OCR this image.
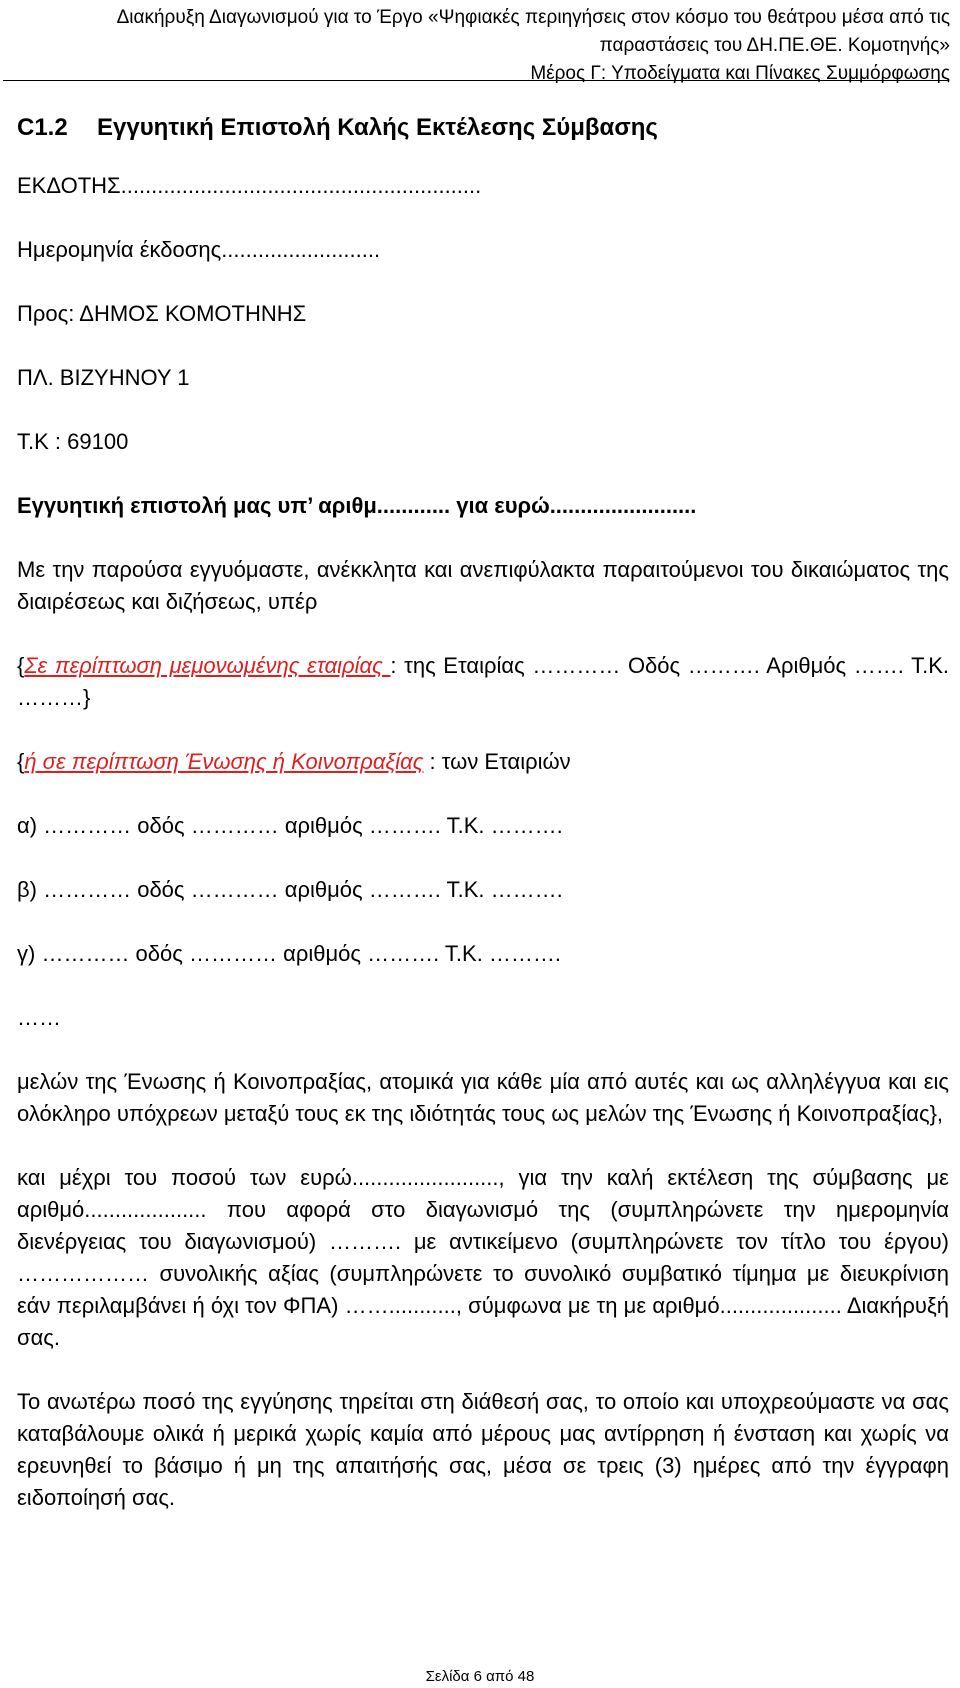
Διακήρυξη Διαγωνισμού για το Έργο «Ψηφιακές περιηγήσεις στον κόσμο του θεάτρου μέσα από τις
παραστάσεις του ΔΗ.ΠΕ.ΘΕ. Κομοτηνής»
Μέρος Γ: Υποδείγματα και Πίνακες Συμμόρφωσης
C1.2 Εγγυητική Επιστολή Καλής Εκτέλεσης Σύμβασης
ΕΚΔΟΤΗΣ...........................................................
Ημερομηνία έκδοσης..........................
Προς: ΔΗΜΟΣ ΚΟΜΟΤΗΝΗΣ
ΠΛ. ΒΙΖΥΗΝΟΥ 1
Τ.Κ : 69100
Εγγυητική επιστολή μας υπ’ αριθμ............ για ευρώ........................
Με την παρούσα εγγυόμαστε, ανέκκλητα και ανεπιφύλακτα παραιτούμενοι του δικαιώματος της διαιρέσεως και διζήσεως, υπέρ
{Σε περίπτωση μεμονωμένης εταιρίας : της Εταιρίας ………… Οδός ………. Αριθμός ……. Τ.Κ. ………}
{ή σε περίπτωση Ένωσης ή Κοινοπραξίας : των Εταιριών
α) ………… οδός ………… αριθμός ………. Τ.Κ. ……….
β) ………… οδός ………… αριθμός ………. Τ.Κ. ……….
γ) ………… οδός ………… αριθμός ………. Τ.Κ. ……….
……
μελών της Ένωσης ή Κοινοπραξίας, ατομικά για κάθε μία από αυτές και ως αλληλέγγυα και εις ολόκληρο υπόχρεων μεταξύ τους εκ της ιδιότητάς τους ως μελών της Ένωσης ή Κοινοπραξίας},
και μέχρι του ποσού των ευρώ........................, για την καλή εκτέλεση της σύμβασης με αριθμό.................... που αφορά στο διαγωνισμό της (συμπληρώνετε την ημερομηνία διενέργειας του διαγωνισμού) ………. με αντικείμενο (συμπληρώνετε τον τίτλο του έργου) ……………… συνολικής αξίας (συμπληρώνετε το συνολικό συμβατικό τίμημα με διευκρίνιση εάν περιλαμβάνει ή όχι τον ΦΠΑ) ……..........., σύμφωνα με τη με αριθμό.................... Διακήρυξή σας.
Το ανωτέρω ποσό της εγγύησης τηρείται στη διάθεσή σας, το οποίο και υποχρεούμαστε να σας καταβάλουμε ολικά ή μερικά χωρίς καμία από μέρους μας αντίρρηση ή ένσταση και χωρίς να ερευνηθεί το βάσιμο ή μη της απαιτήσής σας, μέσα σε τρεις (3) ημέρες από την έγγραφη ειδοποίησή σας.
Σελίδα 6 από 48
